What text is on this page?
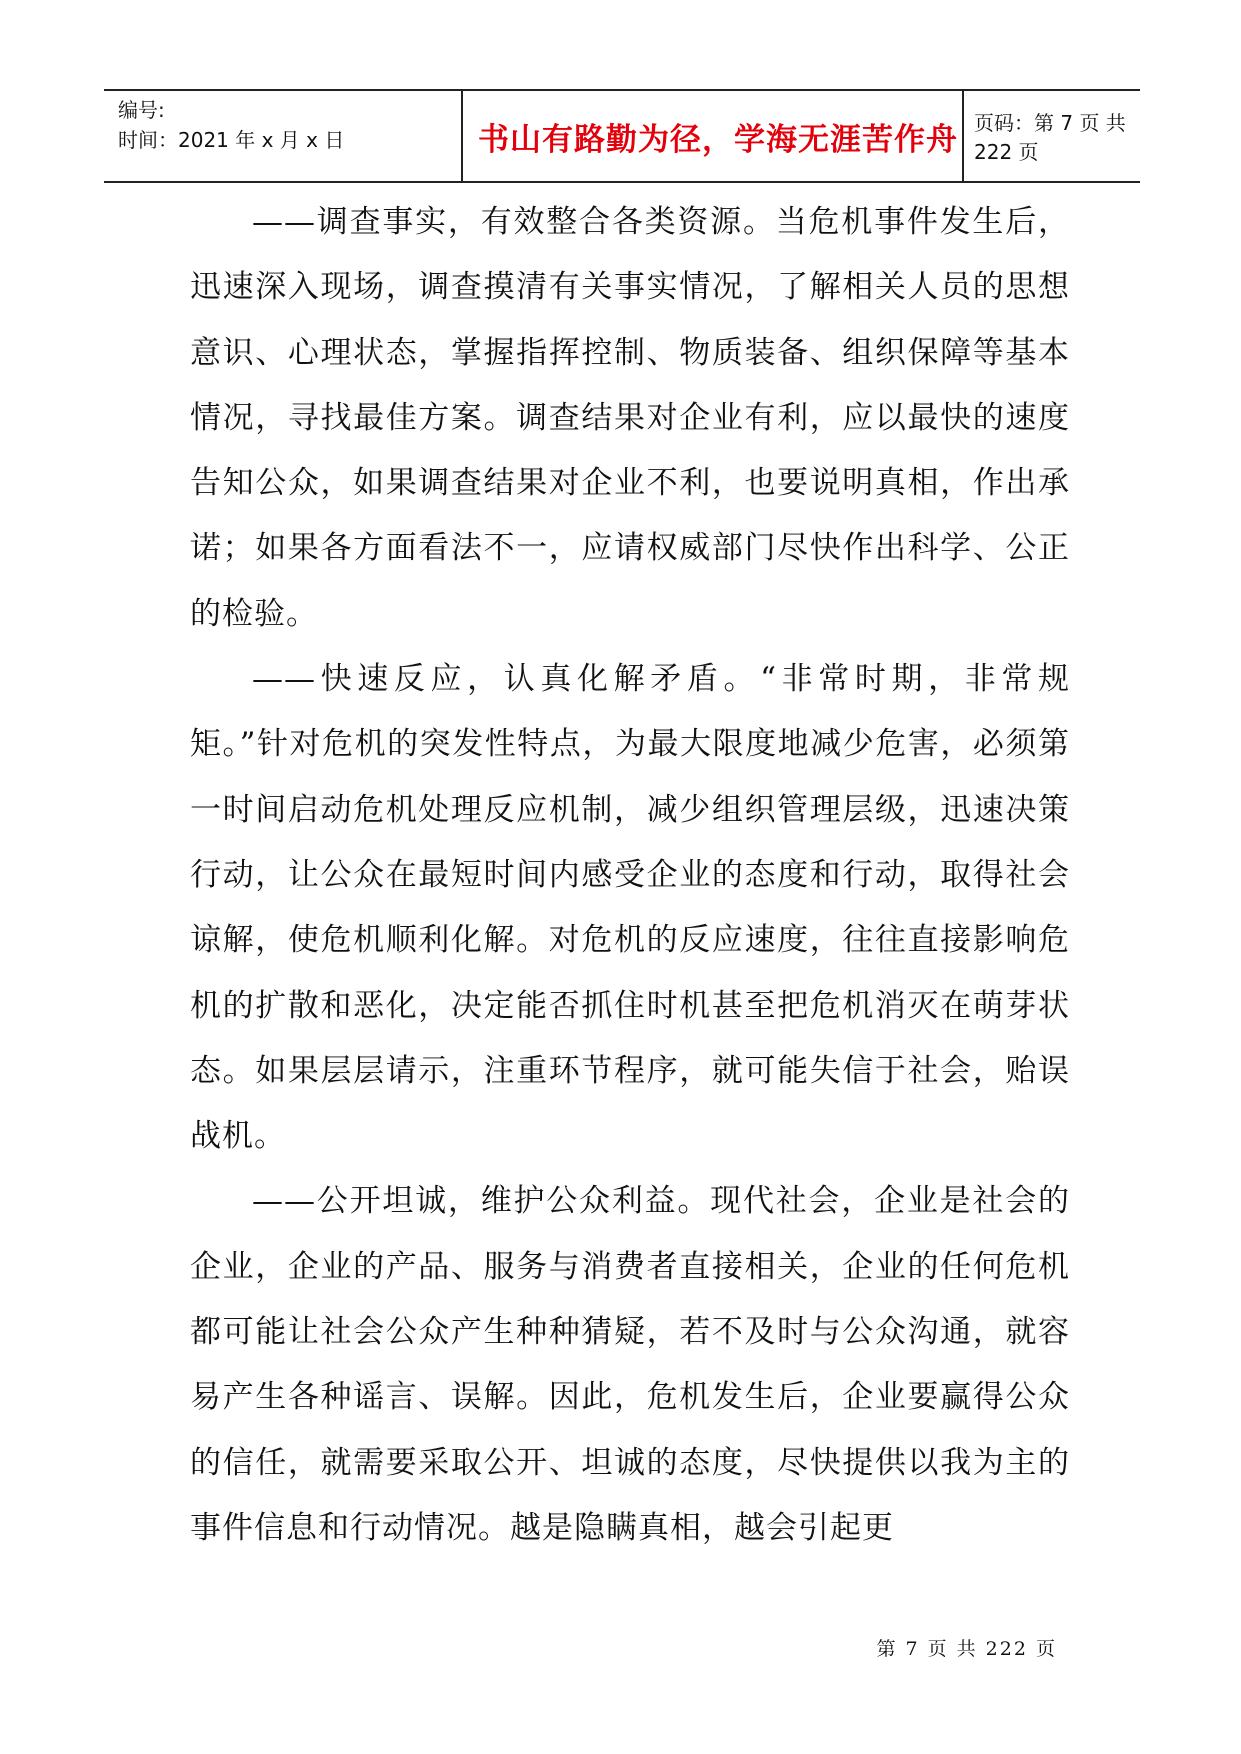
编号:
时间：2021 年 x 月 x 日	书山有路勤为径，学海无涯苦作舟 页码：第 7 页 共 222 页

——调查事实，有效整合各类资源。当危机事件发生后，迅速深入现场，调查摸清有关事实情况，了解相关人员的思想意识、心理状态，掌握指挥控制、物质装备、组织保障等基本情况，寻找最佳方案。调查结果对企业有利，应以最快的速度告知公众，如果调查结果对企业不利，也要说明真相，作出承诺；如果各方面看法不一，应请权威部门尽快作出科学、公正的检验。

——快速反应，认真化解矛盾。“非常时期，非常规矩。”针对危机的突发性特点，为最大限度地减少危害，必须第一时间启动危机处理反应机制，减少组织管理层级，迅速决策行动，让公众在最短时间内感受企业的态度和行动，取得社会谅解，使危机顺利化解。对危机的反应速度，往往直接影响危机的扩散和恶化，决定能否抓住时机甚至把危机消灭在萌芽状态。如果层层请示，注重环节程序，就可能失信于社会，贻误战机。

——公开坦诚，维护公众利益。现代社会，企业是社会的企业，企业的产品、服务与消费者直接相关，企业的任何危机都可能让社会公众产生种种猜疑，若不及时与公众沟通，就容易产生各种谣言、误解。因此，危机发生后，企业要赢得公众的信任，就需要采取公开、坦诚的态度，尽快提供以我为主的事件信息和行动情况。越是隐瞒真相，越会引起更

第 7 页 共 222 页
